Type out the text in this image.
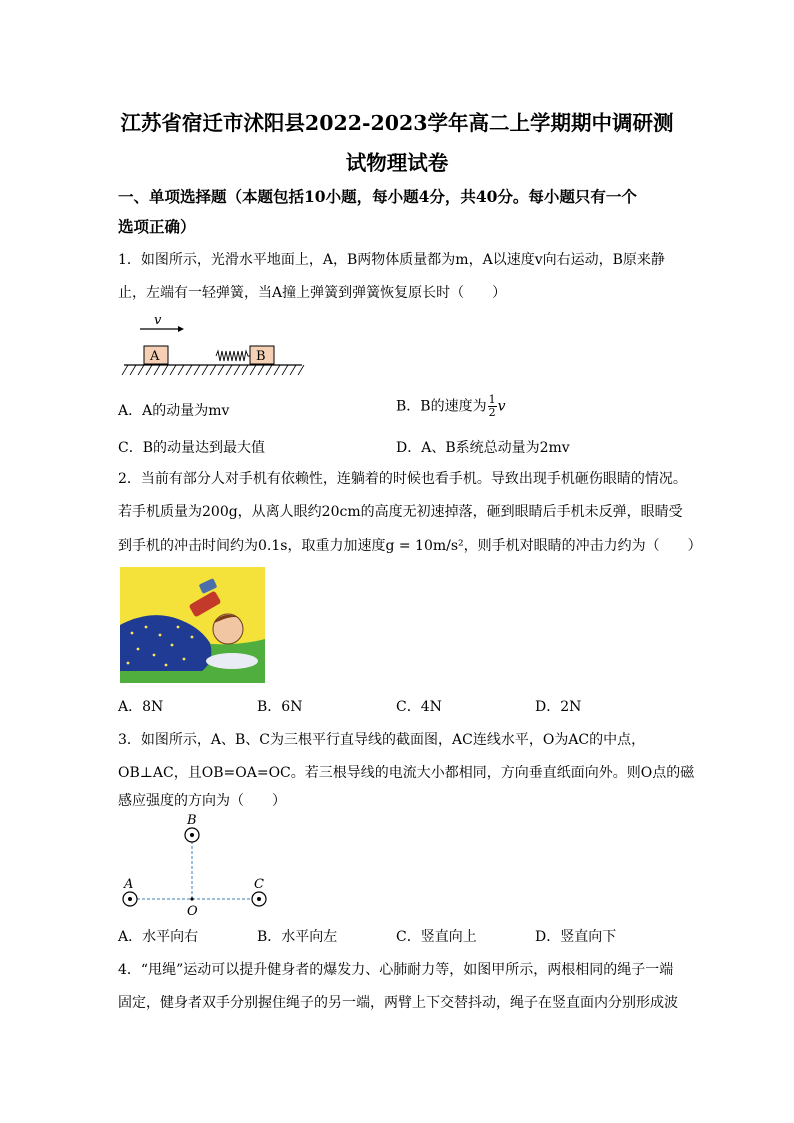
江苏省宿迁市沭阳县2022-2023学年高二上学期期中调研测
试物理试卷
一、单项选择题（本题包括10小题，每小题4分，共40分。每小题只有一个
选项正确）
1．如图所示，光滑水平地面上，A，B两物体质量都为m，A以速度v向右运动，B原来静
止，左端有一轻弹簧，当A撞上弹簧到弹簧恢复原长时（　　）
v
A	B
A．A的动量为mv	B．B的速度为 $\frac{1}{2}$ v
C．B的动量达到最大值	D．A、B系统总动量为2mv
2．当前有部分人对手机有依赖性，连躺着的时候也看手机。导致出现手机砸伤眼睛的情况。
若手机质量为200g，从离人眼约20cm的高度无初速掉落，砸到眼睛后手机未反弹，眼睛受
到手机的冲击时间约为0.1s，取重力加速度g = 10m/s²，则手机对眼睛的冲击力约为（　　）
A．8N	B．6N	C．4N	D．2N
3．如图所示，A、B、C为三根平行直导线的截面图，AC连线水平，O为AC的中点，
OB⊥AC，且OB=OA=OC。若三根导线的电流大小都相同，方向垂直纸面向外。则O点的磁
感应强度的方向为（　　）
B
A	C
O
A．水平向右	B．水平向左	C．竖直向上	D．竖直向下
4．“甩绳”运动可以提升健身者的爆发力、心肺耐力等，如图甲所示，两根相同的绳子一端
固定，健身者双手分别握住绳子的另一端，两臂上下交替抖动，绳子在竖直面内分别形成波
